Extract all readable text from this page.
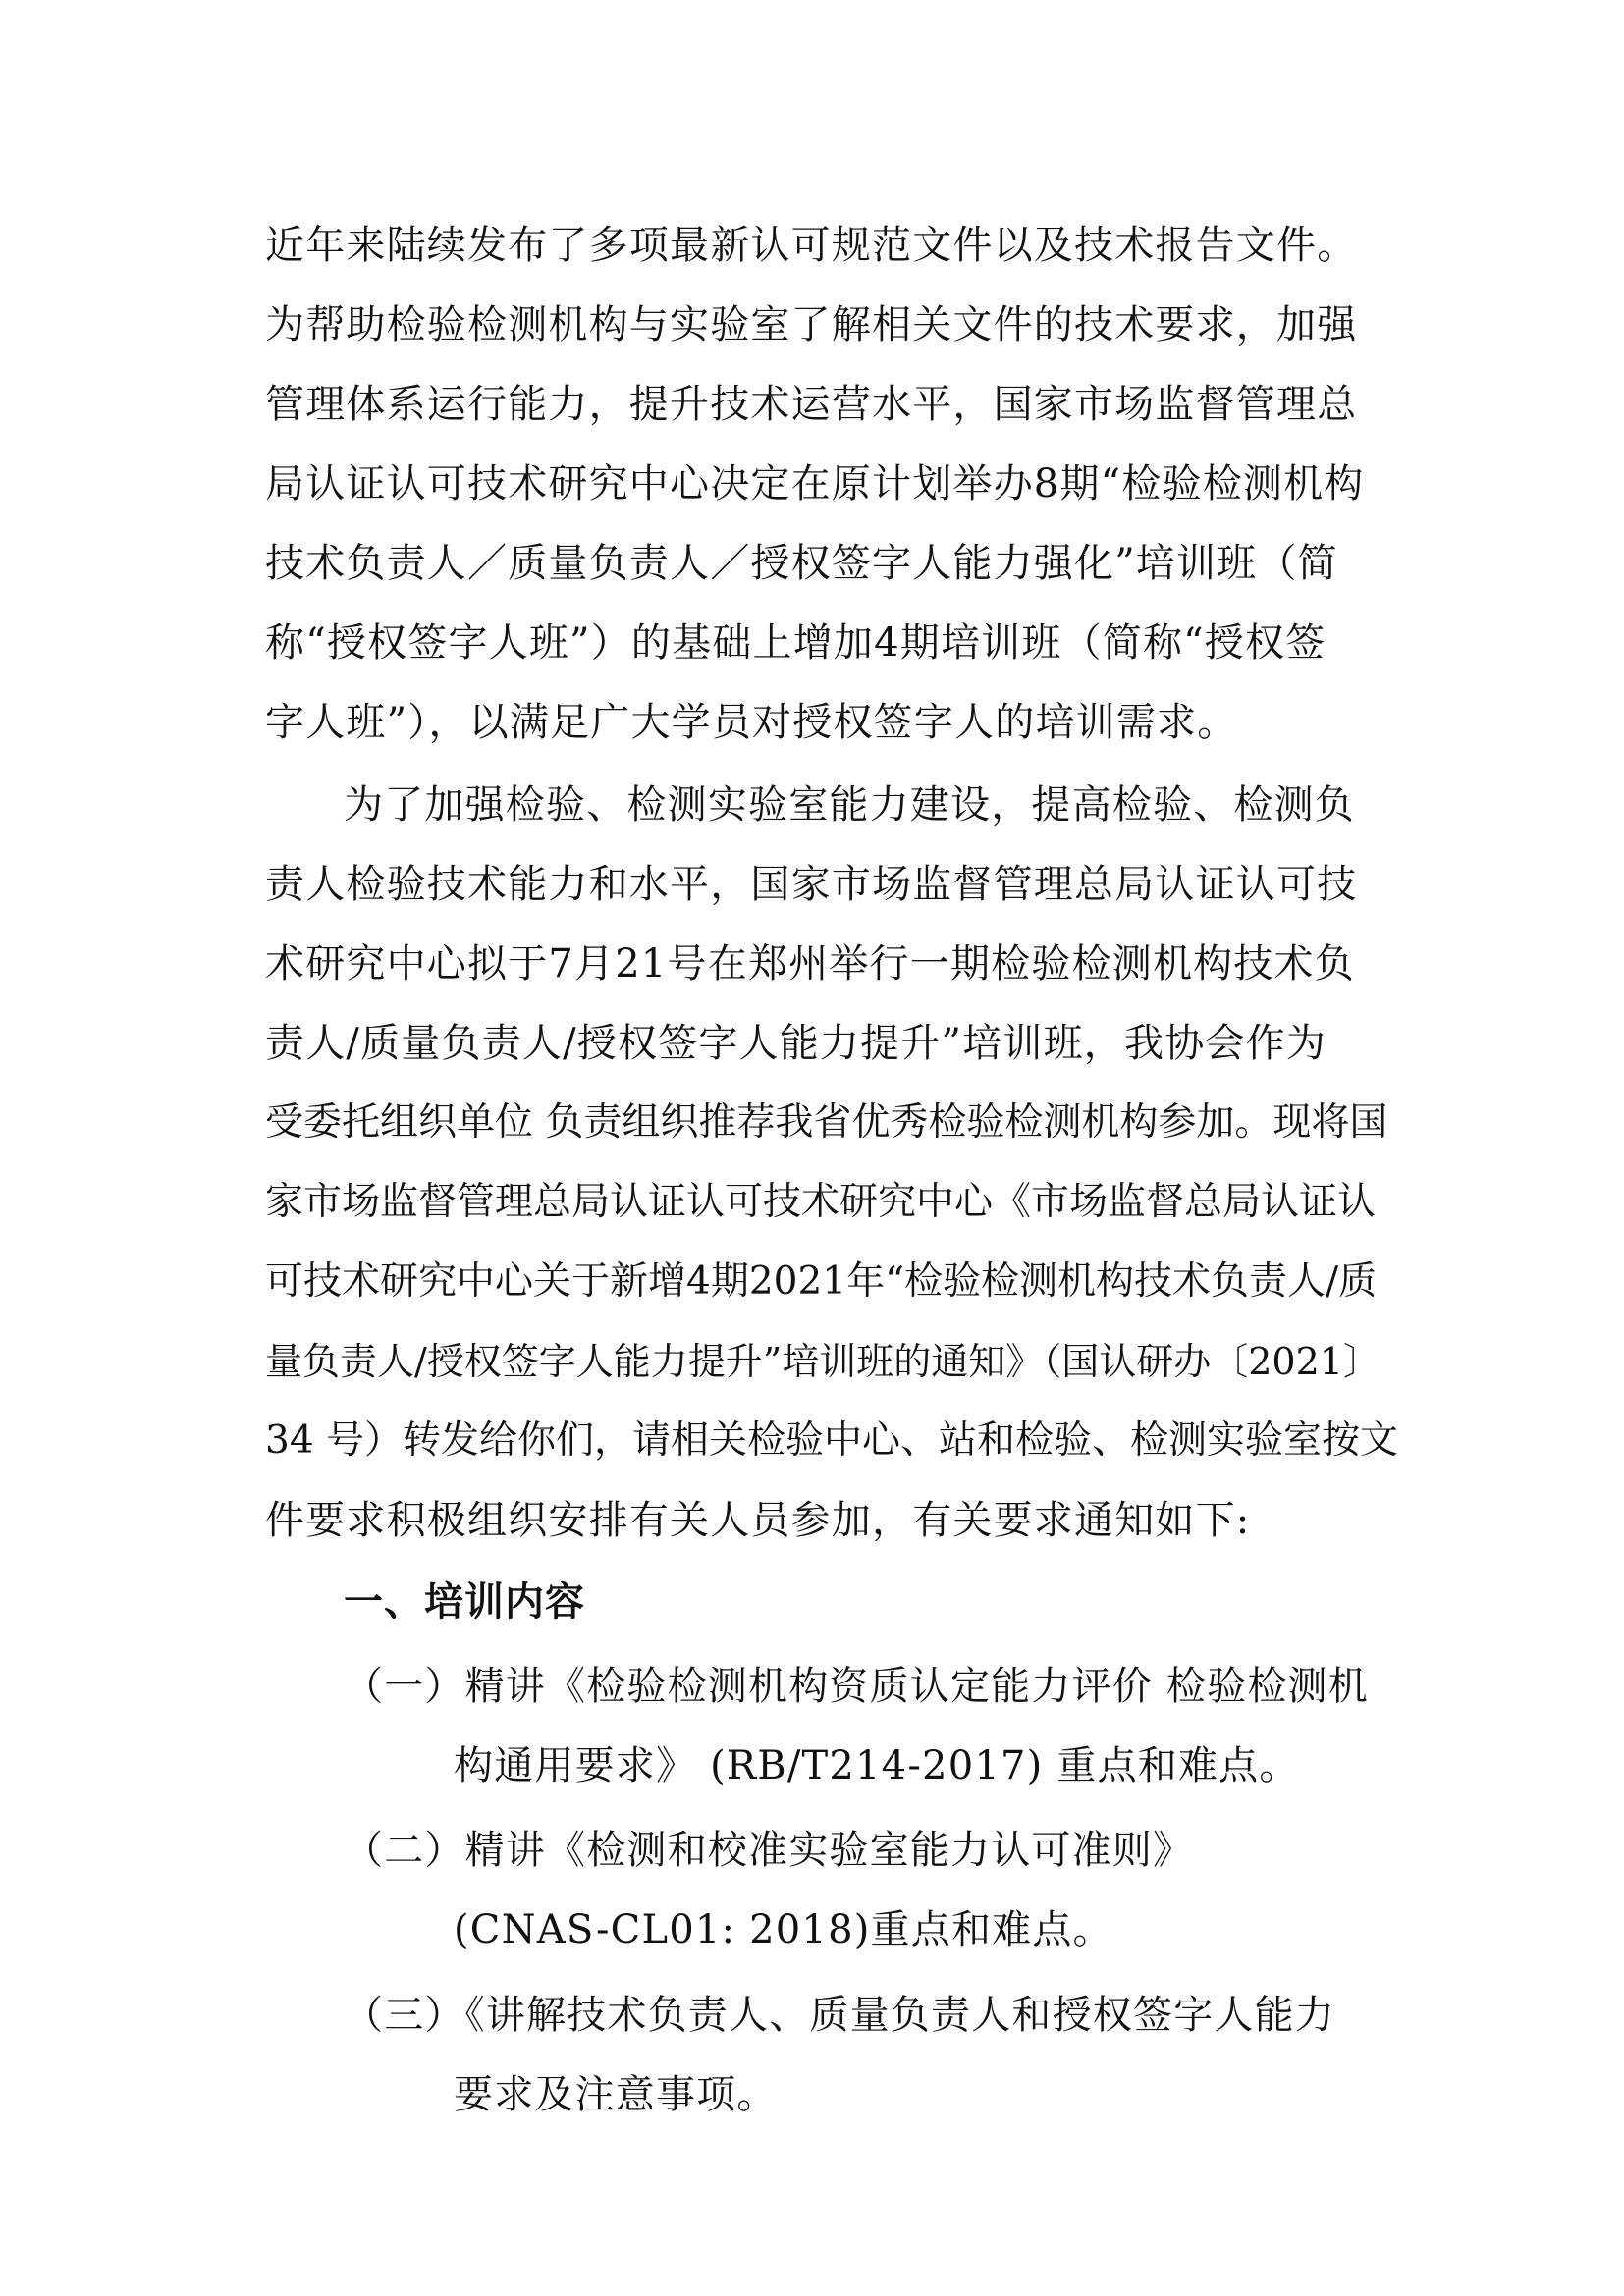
近年来陆续发布了多项最新认可规范文件以及技术报告文件。
为帮助检验检测机构与实验室了解相关文件的技术要求，加强
管理体系运行能力，提升技术运营水平，国家市场监督管理总
局认证认可技术研究中心决定在原计划举办8期“检验检测机构
技术负责人／质量负责人／授权签字人能力强化”培训班（简
称“授权签字人班”）的基础上增加4期培训班（简称“授权签
字人班”），以满足广大学员对授权签字人的培训需求。
为了加强检验、检测实验室能力建设，提高检验、检测负
责人检验技术能力和水平，国家市场监督管理总局认证认可技
术研究中心拟于7月21号在郑州举行一期检验检测机构技术负
责人/质量负责人/授权签字人能力提升”培训班，我协会作为
受委托组织单位 负责组织推荐我省优秀检验检测机构参加。现将国
家市场监督管理总局认证认可技术研究中心《市场监督总局认证认
可技术研究中心关于新增4期2021年“检验检测机构技术负责人/质
量负责人/授权签字人能力提升”培训班的通知》（国认研办〔2021〕
34 号）转发给你们，请相关检验中心、站和检验、检测实验室按文
件要求积极组织安排有关人员参加，有关要求通知如下:
一、培训内容
（一）精讲《检验检测机构资质认定能力评价 检验检测机
构通用要求》 (RB/T214-2017) 重点和难点。
（二）精讲《检测和校准实验室能力认可准则》
(CNAS-CL01: 2018)重点和难点。
（三）《讲解技术负责人、质量负责人和授权签字人能力
要求及注意事项。
